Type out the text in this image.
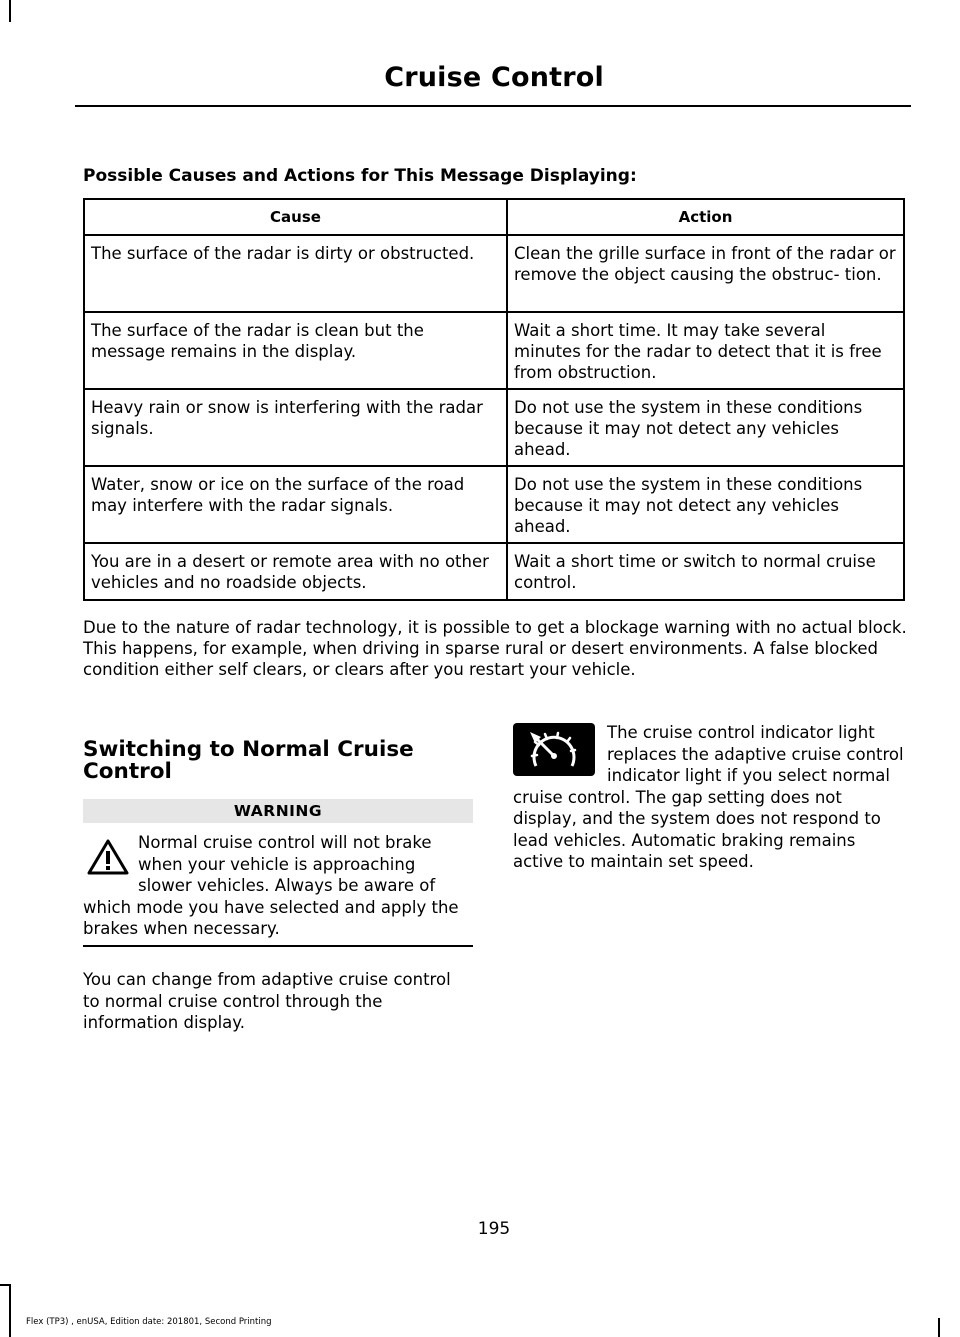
Cruise Control
Possible Causes and Actions for This Message Displaying:
Cause	Action
The surface of the radar is dirty or obstructed.	Clean the grille surface in front of the radar or remove the object causing the obstruc- tion.
The surface of the radar is clean but the message remains in the display.	Wait a short time. It may take several minutes for the radar to detect that it is free from obstruction.
Heavy rain or snow is interfering with the radar signals.	Do not use the system in these conditions because it may not detect any vehicles ahead.
Water, snow or ice on the surface of the road may interfere with the radar signals.	Do not use the system in these conditions because it may not detect any vehicles ahead.
You are in a desert or remote area with no other vehicles and no roadside objects.	Wait a short time or switch to normal cruise control.
Due to the nature of radar technology, it is possible to get a blockage warning with no actual block. This happens, for example, when driving in sparse rural or desert environments. A false blocked condition either self clears, or clears after you restart your vehicle.
Switching to Normal Cruise Control
WARNING
Normal cruise control will not brake when your vehicle is approaching slower vehicles. Always be aware of which mode you have selected and apply the brakes when necessary.
You can change from adaptive cruise control to normal cruise control through the information display.
The cruise control indicator light replaces the adaptive cruise control indicator light if you select normal cruise control. The gap setting does not display, and the system does not respond to lead vehicles. Automatic braking remains active to maintain set speed.
195
Flex (TP3) , enUSA, Edition date: 201801, Second Printing
